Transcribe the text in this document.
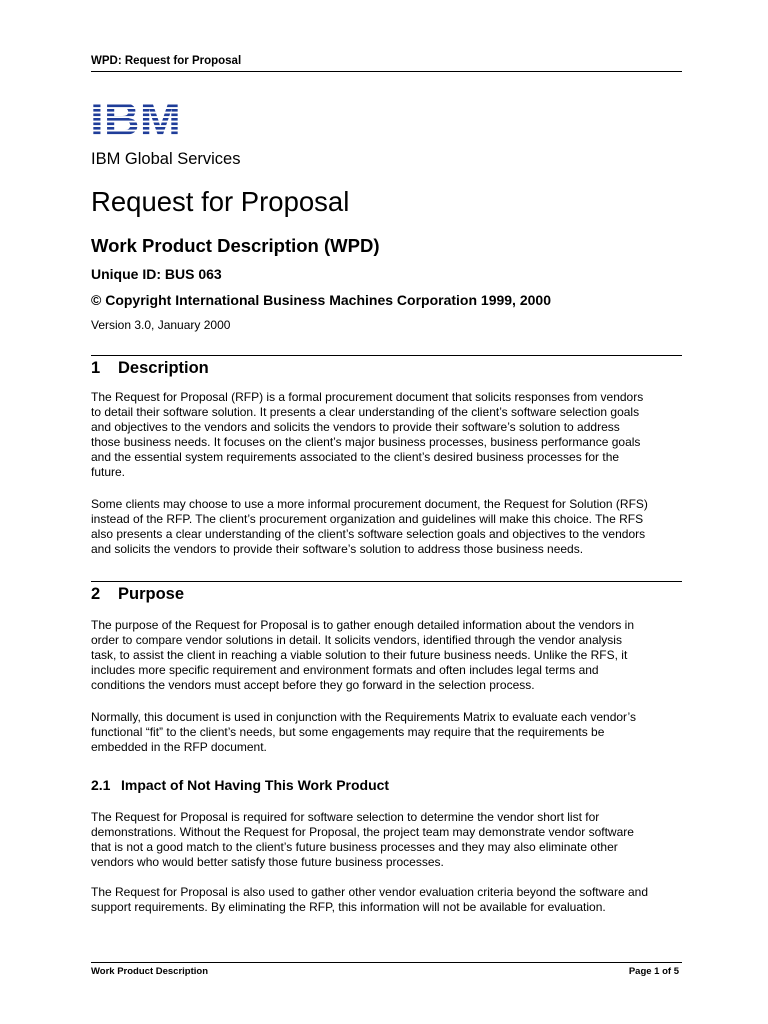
WPD: Request for Proposal
IBM Global Services
Request for Proposal
Work Product Description (WPD)
Unique ID: BUS 063
© Copyright International Business Machines Corporation 1999, 2000
Version 3.0, January 2000
1 Description
The Request for Proposal (RFP) is a formal procurement document that solicits responses from vendors
to detail their software solution. It presents a clear understanding of the client’s software selection goals
and objectives to the vendors and solicits the vendors to provide their software’s solution to address
those business needs. It focuses on the client’s major business processes, business performance goals
and the essential system requirements associated to the client’s desired business processes for the
future.
Some clients may choose to use a more informal procurement document, the Request for Solution (RFS)
instead of the RFP. The client’s procurement organization and guidelines will make this choice. The RFS
also presents a clear understanding of the client’s software selection goals and objectives to the vendors
and solicits the vendors to provide their software’s solution to address those business needs.
2 Purpose
The purpose of the Request for Proposal is to gather enough detailed information about the vendors in
order to compare vendor solutions in detail. It solicits vendors, identified through the vendor analysis
task, to assist the client in reaching a viable solution to their future business needs. Unlike the RFS, it
includes more specific requirement and environment formats and often includes legal terms and
conditions the vendors must accept before they go forward in the selection process.
Normally, this document is used in conjunction with the Requirements Matrix to evaluate each vendor’s
functional “fit” to the client’s needs, but some engagements may require that the requirements be
embedded in the RFP document.
2.1 Impact of Not Having This Work Product
The Request for Proposal is required for software selection to determine the vendor short list for
demonstrations. Without the Request for Proposal, the project team may demonstrate vendor software
that is not a good match to the client’s future business processes and they may also eliminate other
vendors who would better satisfy those future business processes.
The Request for Proposal is also used to gather other vendor evaluation criteria beyond the software and
support requirements. By eliminating the RFP, this information will not be available for evaluation.
Work Product Description	Page 1 of 5
